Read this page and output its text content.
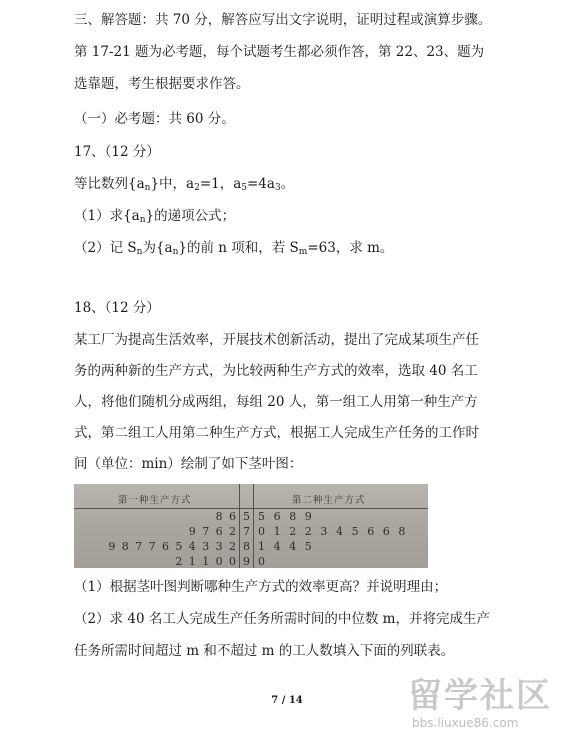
三、解答题：共 70 分，解答应写出文字说明，证明过程或演算步骤。
第 17-21 题为必考题，每个试题考生都必须作答，第 22、23、题为
选靠题，考生根据要求作答。
（一）必考题：共 60 分。
17、（12 分）
等比数列$\{a_n\}$中，$a_2=1$，$a_5=4a_3$。
（1）求$\{a_n\}$的递项公式；
（2）记 $S_n$为$\{a_n\}$的前 n 项和，若 $S_m=63$，求 m。
18、（12 分）
某工厂为提高生活效率，开展技术创新活动，提出了完成某项生产任
务的两种新的生产方式，为比较两种生产方式的效率，选取 40 名工
人，将他们随机分成两组，每组 20 人，第一组工人用第一种生产方
式，第二组工人用第二种生产方式，根据工人完成生产任务的工作时
间（单位：min）绘制了如下茎叶图：
第一种生产方式	第二种生产方式
8 6 5 5 6 8 9
9 7 6 2 7 0 1 2 2 3 4 5 6 6 8
9 8 7 7 6 5 4 3 3 2 8 1 4 4 5
2 1 1 0 0 9 0
（1）根据茎叶图判断哪种生产方式的效率更高？并说明理由；
（2）求 40 名工人完成生产任务所需时间的中位数 m，并将完成生产
任务所需时间超过 m 和不超过 m 的工人数填入下面的列联表。
7 / 14	留学社区
bbs.liuxue86.com
